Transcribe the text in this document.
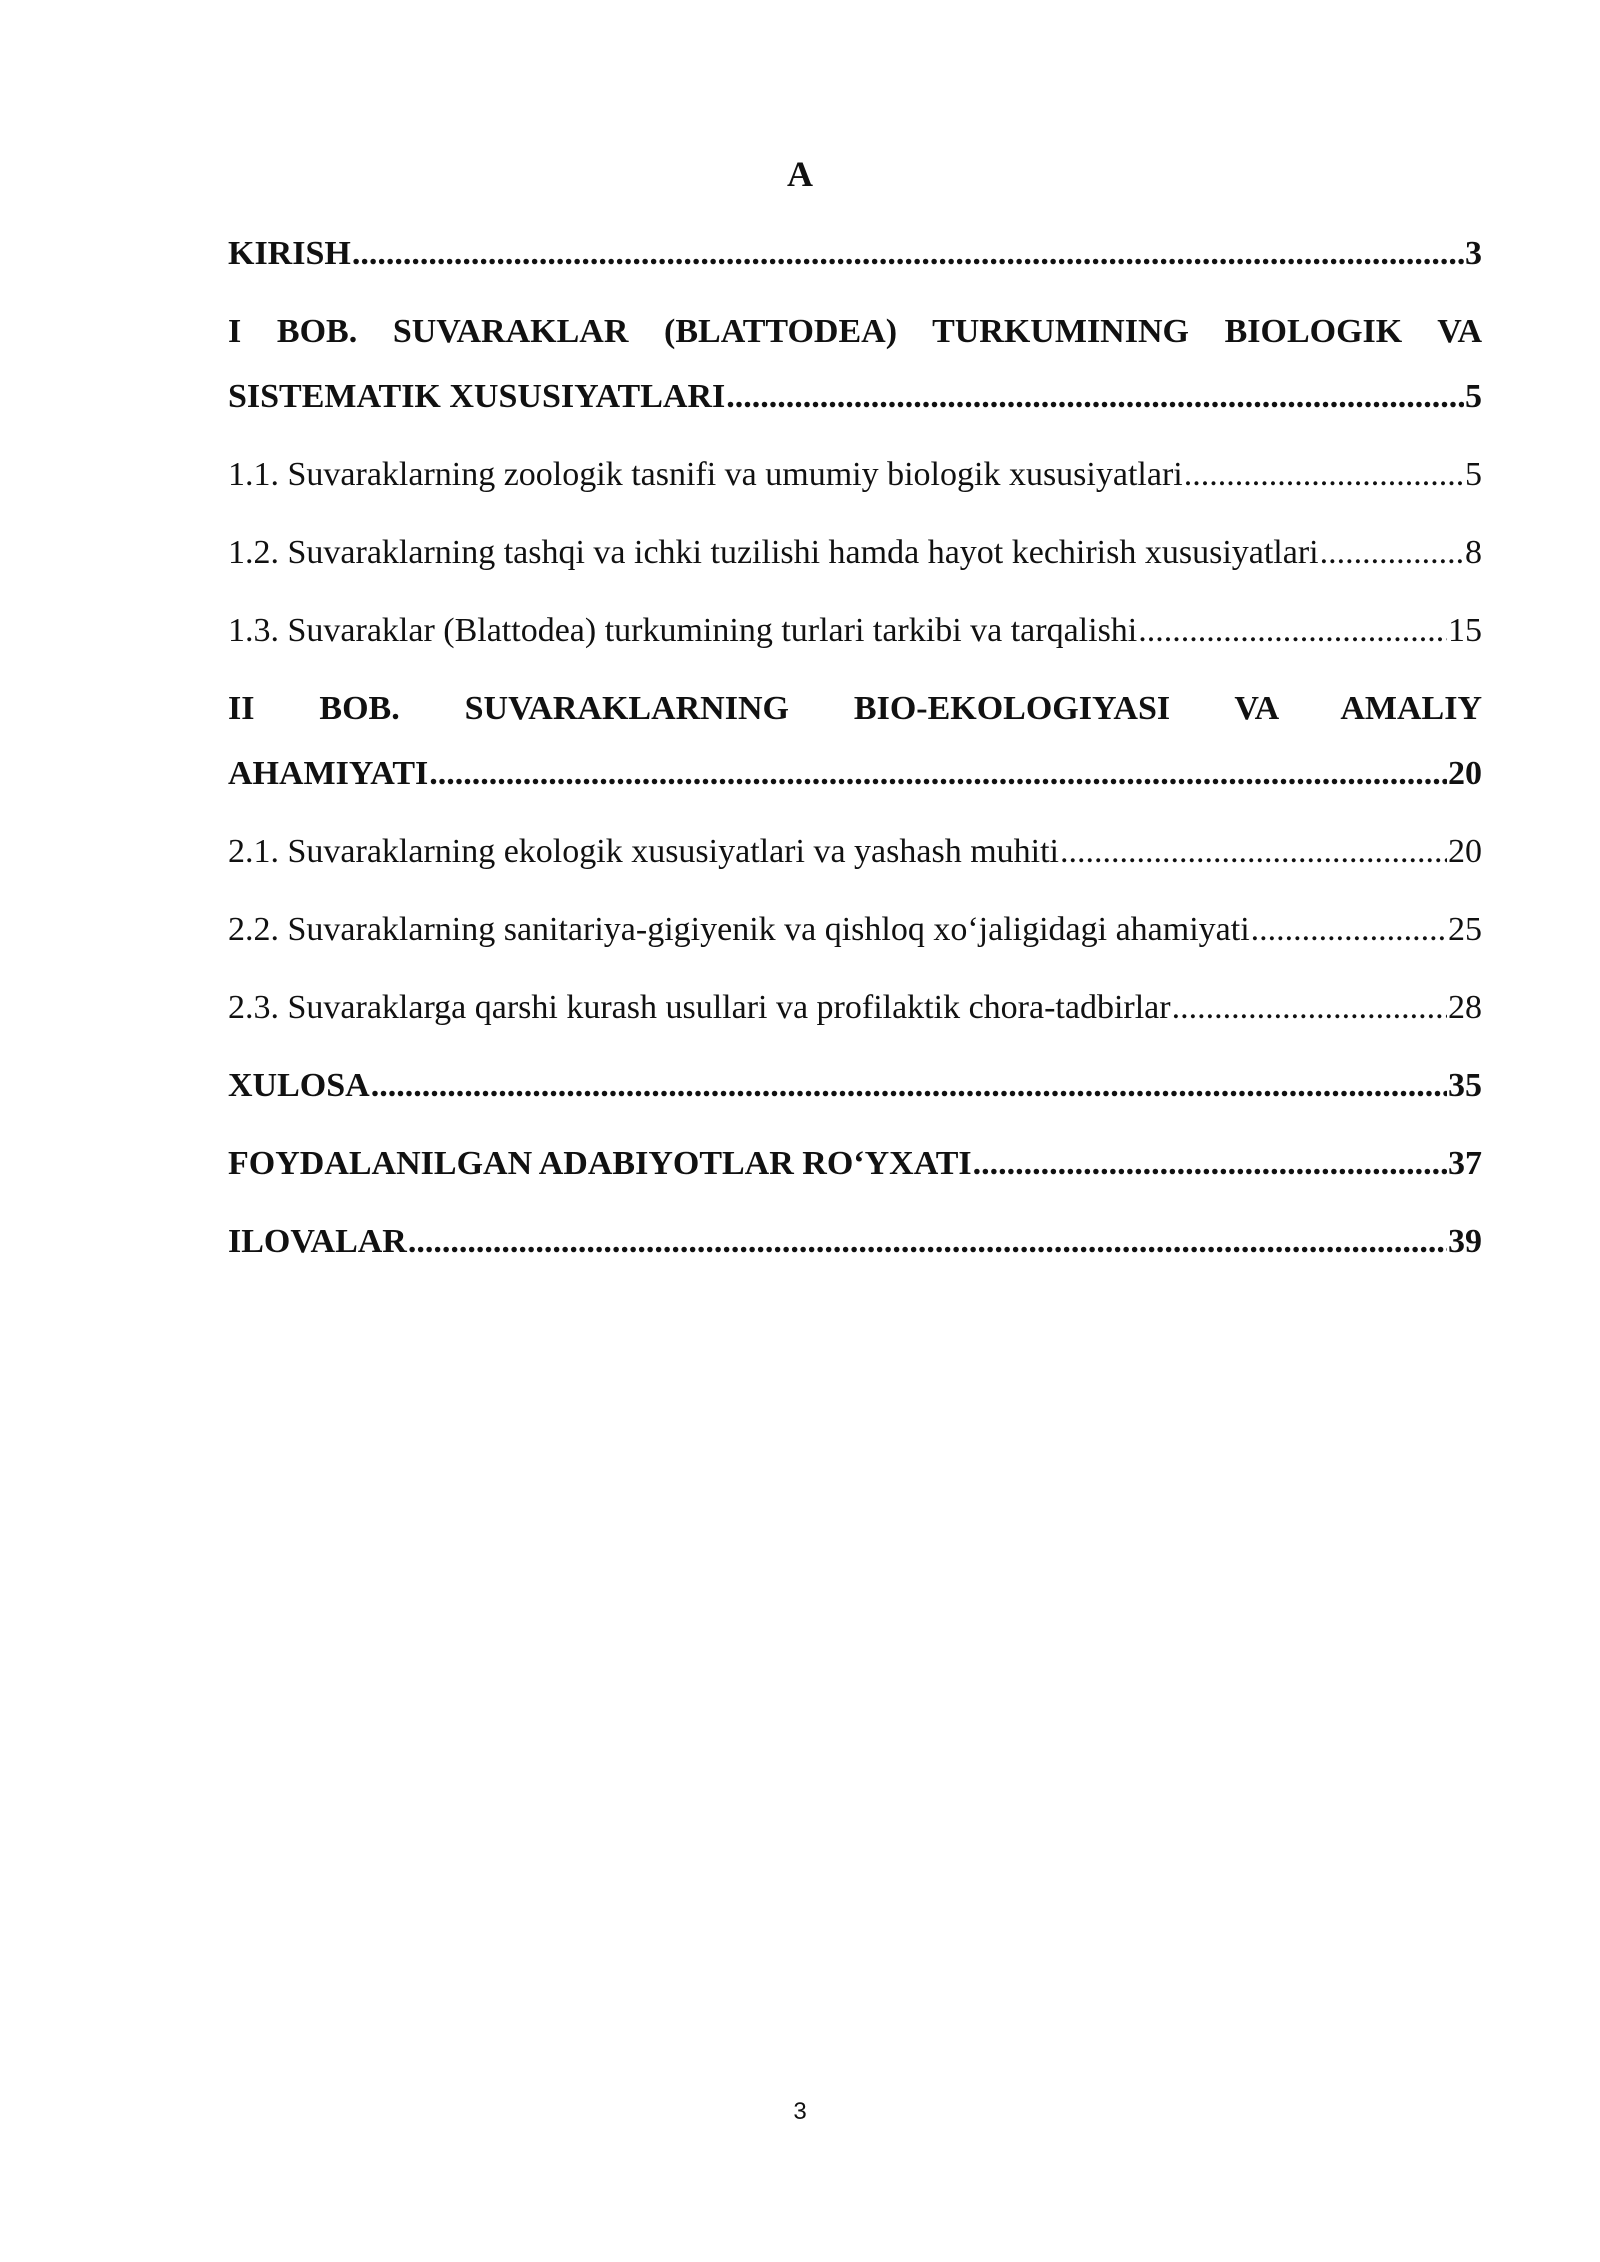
A
KIRISH .....	3
I BOB. SUVARAKLAR (BLATTODEA) TURKUMINING BIOLOGIK VA
SISTEMATIK XUSUSIYATLARI .....	5
1.1. Suvaraklarning zoologik tasnifi va umumiy biologik xususiyatlari .....	5
1.2. Suvaraklarning tashqi va ichki tuzilishi hamda hayot kechirish xususiyatlari .....	8
1.3. Suvaraklar (Blattodea) turkumining turlari tarkibi va tarqalishi .....	15
II BOB. SUVARAKLARNING BIO-EKOLOGIYASI VA AMALIY
AHAMIYATI .....	20
2.1. Suvaraklarning ekologik xususiyatlari va yashash muhiti .....	20
2.2. Suvaraklarning sanitariya-gigiyenik va qishloq xo‘jaligidagi ahamiyati .....	25
2.3. Suvaraklarga qarshi kurash usullari va profilaktik chora-tadbirlar .....	28
XULOSA .....	35
FOYDALANILGAN ADABIYOTLAR RO‘YXATI .....	37
ILOVALAR .....	39
3
